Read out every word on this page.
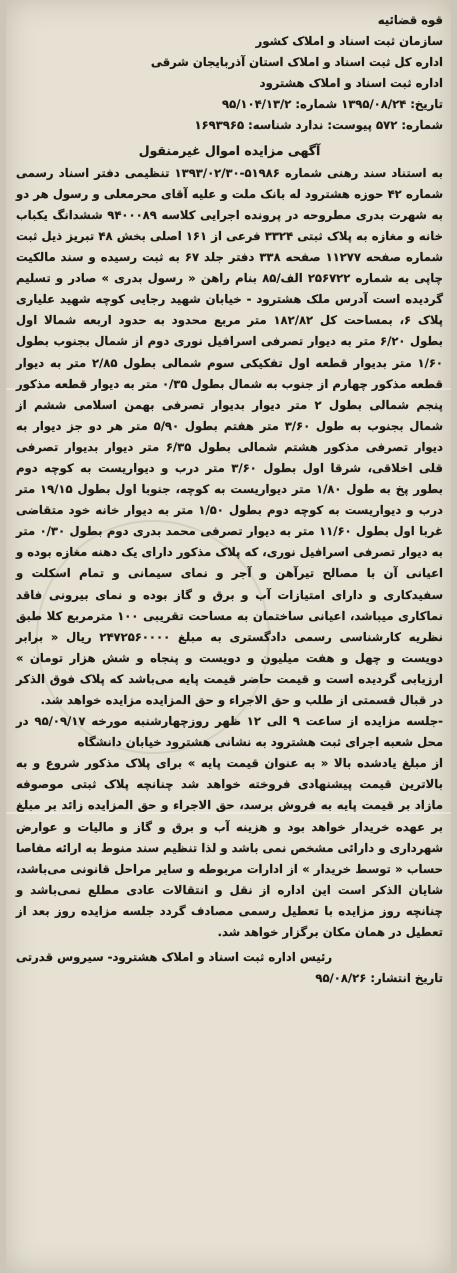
قوه قضائیه
سازمان ثبت اسناد و املاک کشور
اداره کل ثبت اسناد و املاک استان آذربایجان شرقی
اداره ثبت اسناد و املاک هشترود
تاریخ: ۱۳۹۵/۰۸/۲۴ شماره: ۹۵/۱۰۴/۱۳/۲
شماره: ۵۷۲ پیوست: ندارد شناسه: ۱۶۹۳۹۶۵
آگهی مزایده اموال غیرمنقول

به استناد سند رهنی شماره ۵۱۹۸۶-۱۳۹۳/۰۲/۳۰ تنظیمی دفتر اسناد رسمی شماره ۴۲ حوزه هشترود له بانک ملت و علیه آقای محرمعلی و رسول هر دو به شهرت بدری مطروحه در پرونده اجرایی کلاسه ۹۴۰۰۰۸۹ ششدانگ یکباب خانه و مغازه به پلاک ثبتی ۳۳۲۴ فرعی از ۱۶۱ اصلی بخش ۴۸ تبریز ذیل ثبت شماره صفحه ۱۱۲۷۷ صفحه ۳۳۸ دفتر جلد ۶۷ به ثبت رسیده و سند مالکیت چاپی به شماره ۲۵۶۷۲۲ الف/۸۵ بنام راهن « رسول بدری » صادر و تسلیم گردیده است آدرس ملک هشترود - خیابان شهید رجایی کوچه شهید علیاری پلاک ۶، بمساحت کل ۱۸۲/۸۲ متر مربع محدود به حدود اربعه شمالا اول بطول ۶/۲۰ متر به دیوار تصرفی اسرافیل نوری دوم از شمال بجنوب بطول ۱/۶۰ متر بدیوار قطعه اول تفکیکی سوم شمالی بطول ۲/۸۵ متر به دیوار قطعه مذکور چهارم از جنوب به شمال بطول ۰/۳۵ متر به دیوار قطعه مذکور پنجم شمالی بطول ۲ متر دیوار بدیوار تصرفی بهمن اسلامی ششم از شمال بجنوب به طول ۳/۶۰ متر هفتم بطول ۵/۹۰ متر هر دو جز دیوار به دیوار تصرفی مذکور هشتم شمالی بطول ۶/۳۵ متر دیوار بدیوار تصرفی قلی اخلاقی، شرقا اول بطول ۳/۶۰ متر درب و دیواریست به کوچه دوم بطور پخ به طول ۱/۸۰ متر دیواریست به کوچه، جنوبا اول بطول ۱۹/۱۵ متر درب و دیواریست به کوچه دوم بطول ۱/۵۰ متر به دیوار خانه خود متقاضی غربا اول بطول ۱۱/۶۰ متر به دیوار تصرفی محمد بدری دوم بطول ۰/۳۰ متر به دیوار تصرفی اسرافیل نوری، که پلاک مذکور دارای یک دهنه مغازه بوده و اعیانی آن با مصالح تیرآهن و آجر و نمای سیمانی و تمام اسکلت و سفیدکاری و دارای امتیازات آب و برق و گاز بوده و نمای بیرونی فاقد نماکاری میباشد، اعیانی ساختمان به مساحت تقریبی ۱۰۰ مترمربع کلا طبق نظریه کارشناسی رسمی دادگستری به مبلغ ۲۴۷۲۵۶۰۰۰۰ ریال « برابر دویست و چهل و هفت میلیون و دویست و پنجاه و شش هزار تومان » ارزیابی گردیده است و قیمت حاضر قیمت پایه می‌باشد که پلاک فوق الذکر در قبال قسمتی از طلب و حق الاجراء و حق المزایده مزایده خواهد شد.

-جلسه مزایده از ساعت ۹ الی ۱۲ ظهر روزچهارشنبه مورخه ۹۵/۰۹/۱۷ در محل شعبه اجرای ثبت هشترود به نشانی هشترود خیابان دانشگاه

از مبلغ یادشده بالا « به عنوان قیمت پایه » برای پلاک مذکور شروع و به بالاترین قیمت پیشنهادی فروخته خواهد شد چنانچه پلاک ثبتی موصوفه مازاد بر قیمت پایه به فروش برسد، حق الاجراء و حق المزایده زائد بر مبلغ بر عهده خریدار خواهد بود و هزینه آب و برق و گاز و مالیات و عوارض شهرداری و دارائی مشخص نمی باشد و لذا تنظیم سند منوط به ارائه مفاصا حساب « توسط خریدار » از ادارات مربوطه و سایر مراحل قانونی می‌باشد، شایان الذکر است این اداره از نقل و انتقالات عادی مطلع نمی‌باشد و چنانچه روز مزایده با تعطیل رسمی مصادف گردد جلسه مزایده روز بعد از تعطیل در همان مکان برگزار خواهد شد.

رئیس اداره ثبت اسناد و املاک هشترود- سیروس قدرتی
تاریخ انتشار: ۹۵/۰۸/۲۶
